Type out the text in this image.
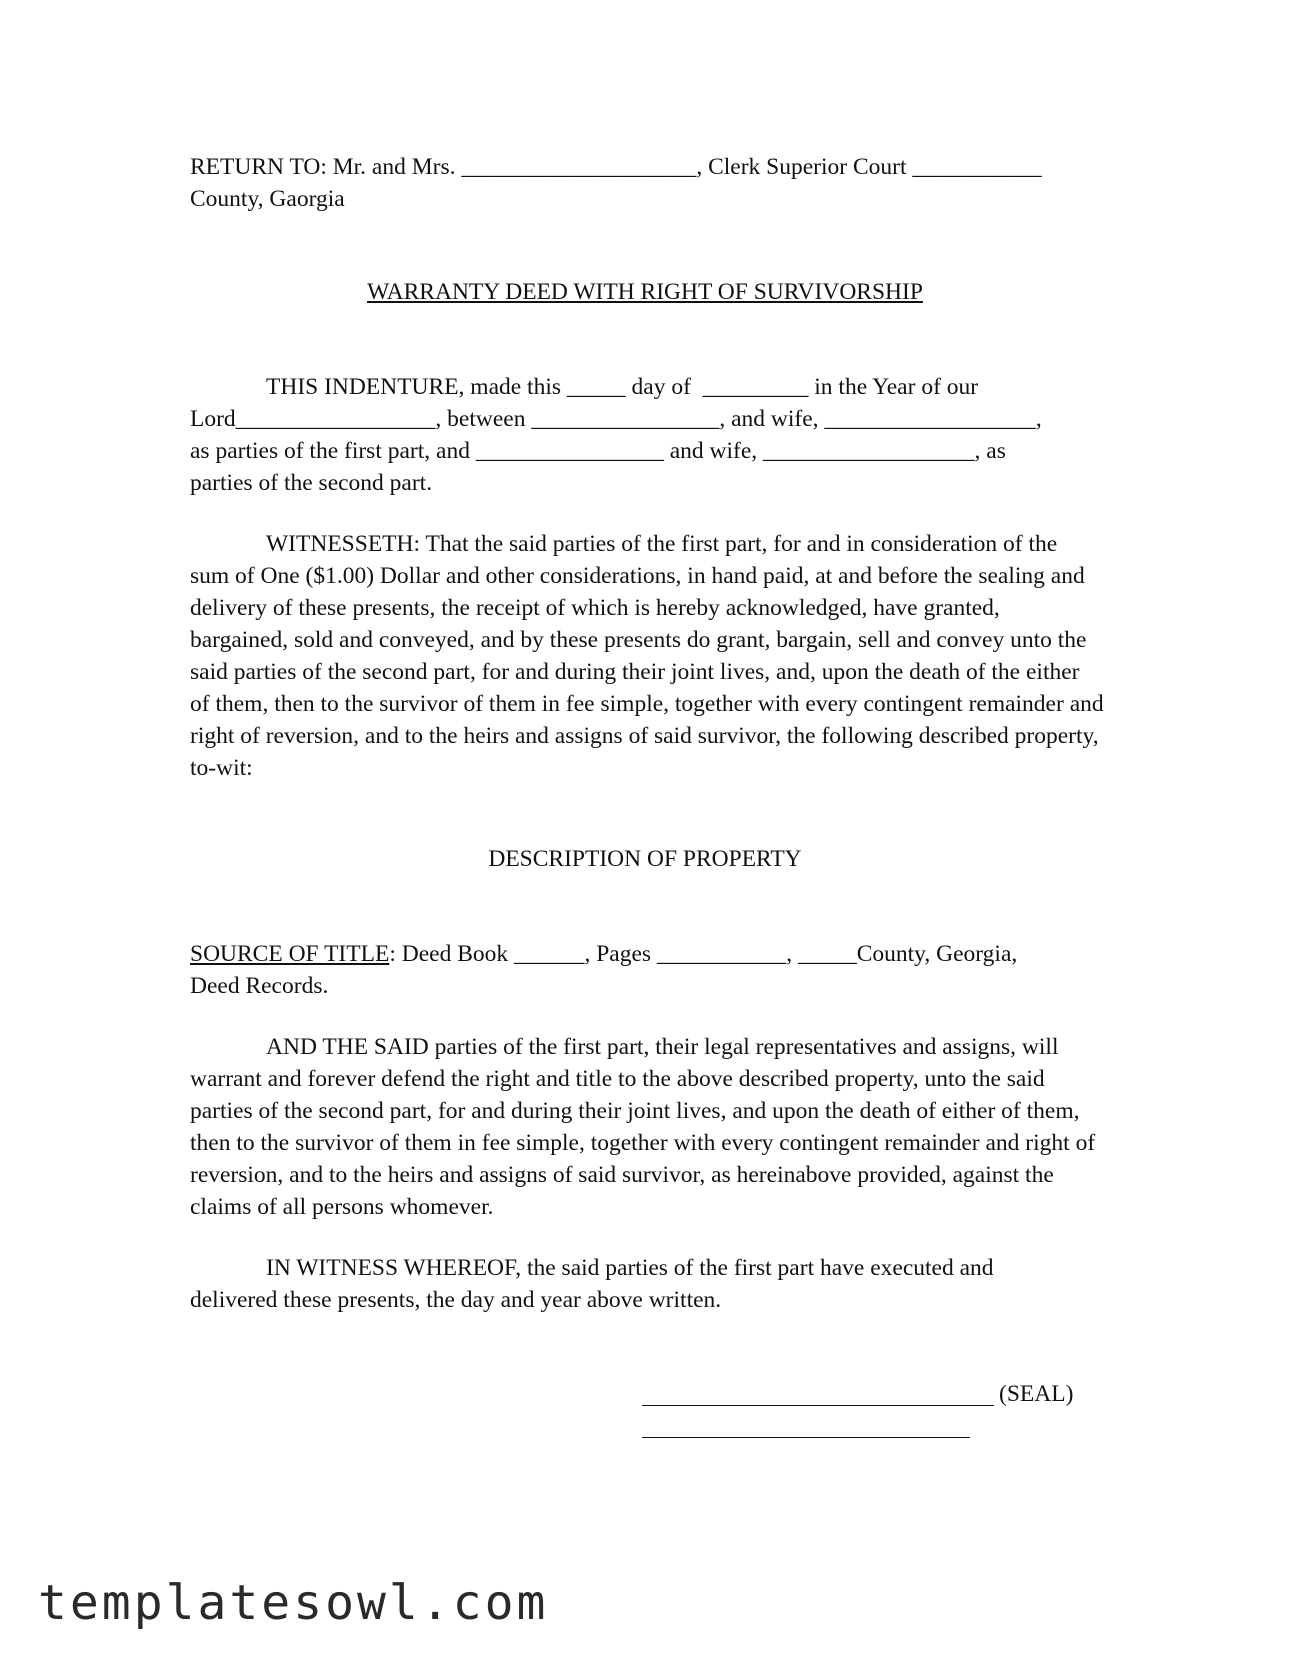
RETURN TO: Mr. and Mrs. ____________________, Clerk Superior Court ___________
County, Gaorgia
WARRANTY DEED WITH RIGHT OF SURVIVORSHIP
THIS INDENTURE, made this _____ day of  _________ in the Year of our
Lord_________________, between ________________, and wife, __________________,
as parties of the first part, and ________________ and wife, __________________, as
parties of the second part.
WITNESSETH: That the said parties of the first part, for and in consideration of the
sum of One ($1.00) Dollar and other considerations, in hand paid, at and before the sealing and
delivery of these presents, the receipt of which is hereby acknowledged, have granted,
bargained, sold and conveyed, and by these presents do grant, bargain, sell and convey unto the
said parties of the second part, for and during their joint lives, and, upon the death of the either
of them, then to the survivor of them in fee simple, together with every contingent remainder and
right of reversion, and to the heirs and assigns of said survivor, the following described property,
to-wit:
DESCRIPTION OF PROPERTY
SOURCE OF TITLE: Deed Book ______, Pages ___________, _____County, Georgia,
Deed Records.
AND THE SAID parties of the first part, their legal representatives and assigns, will
warrant and forever defend the right and title to the above described property, unto the said
parties of the second part, for and during their joint lives, and upon the death of either of them,
then to the survivor of them in fee simple, together with every contingent remainder and right of
reversion, and to the heirs and assigns of said survivor, as hereinabove provided, against the
claims of all persons whomever.
IN WITNESS WHEREOF, the said parties of the first part have executed and
delivered these presents, the day and year above written.
(SEAL)
templatesowl.com
